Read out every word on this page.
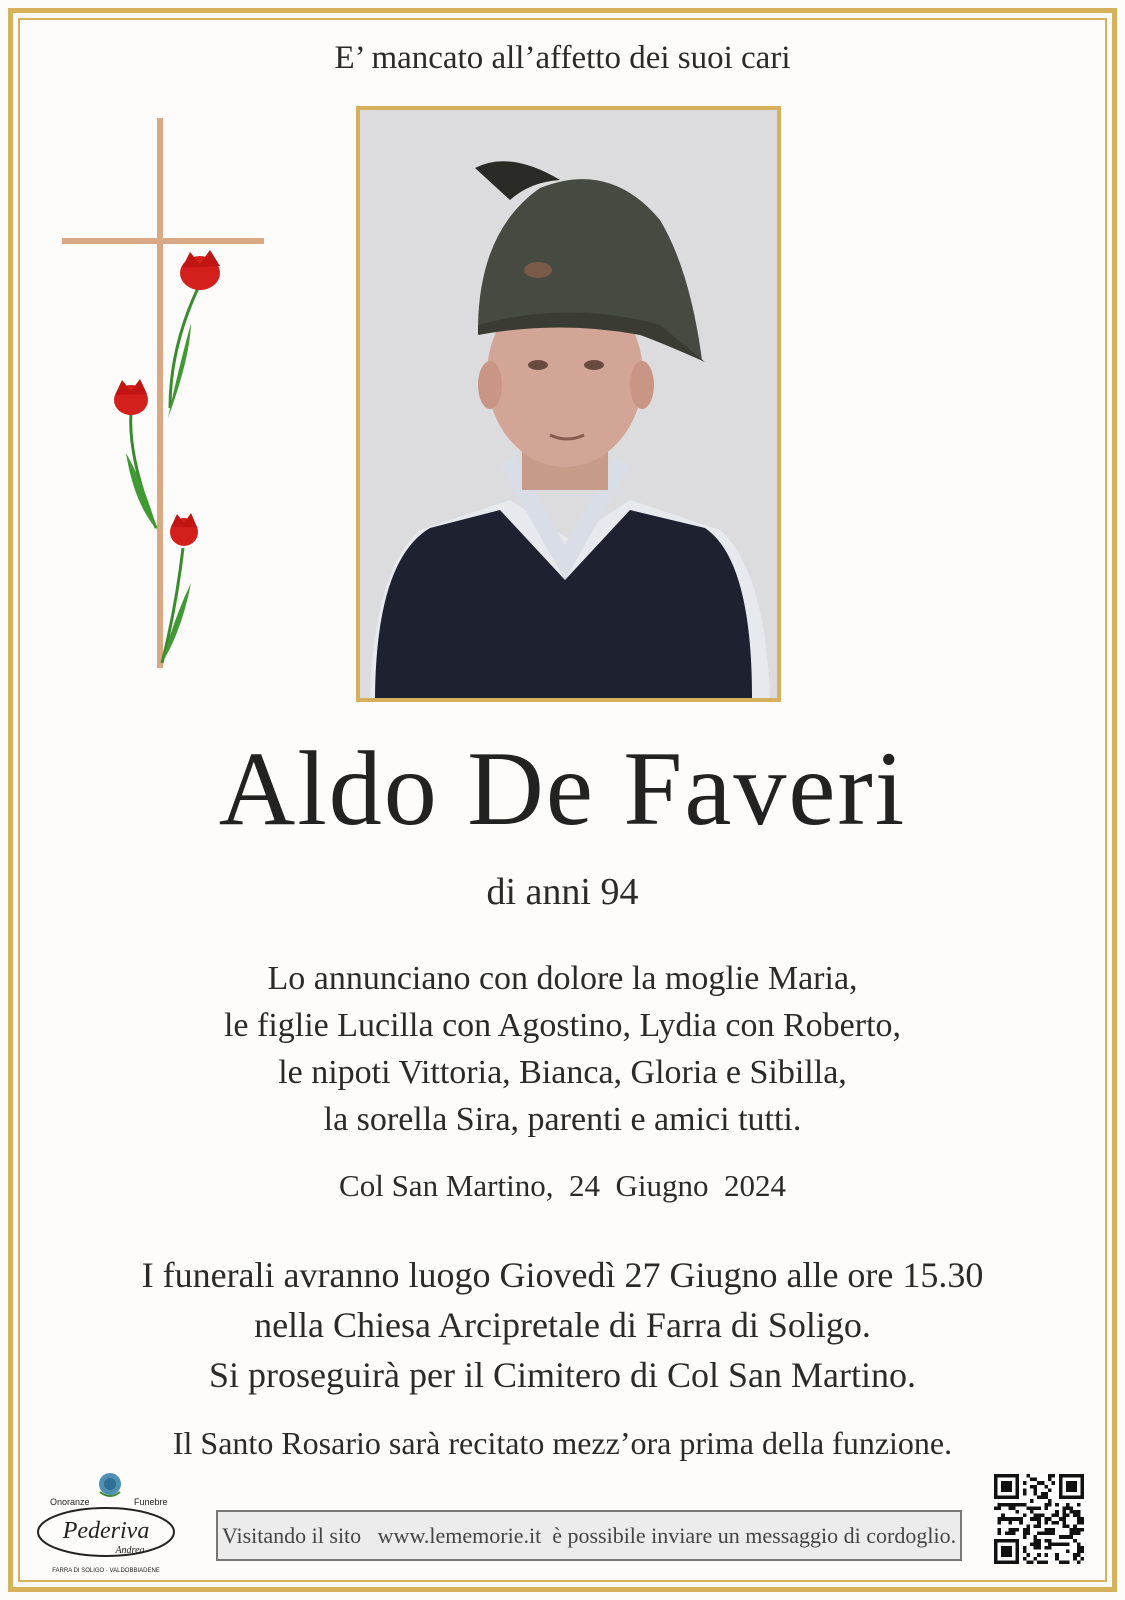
E’ mancato all’affetto dei suoi cari
Aldo De Faveri
di anni 94
Lo annunciano con dolore la moglie Maria,
le figlie Lucilla con Agostino, Lydia con Roberto,
le nipoti Vittoria, Bianca, Gloria e Sibilla,
la sorella Sira, parenti e amici tutti.
Col San Martino,  24  Giugno  2024
I funerali avranno luogo Giovedì 27 Giugno alle ore 15.30
nella Chiesa Arcipretale di Farra di Soligo.
Si proseguirà per il Cimitero di Col San Martino.
Il Santo Rosario sarà recitato mezz’ora prima della funzione.
Onoranze	Funebre
Pederiva
Andrea
FARRA DI SOLIGO · VALDOBBIADENE
Visitando il sito   www.lememorie.it  è possibile inviare un messaggio di cordoglio.
